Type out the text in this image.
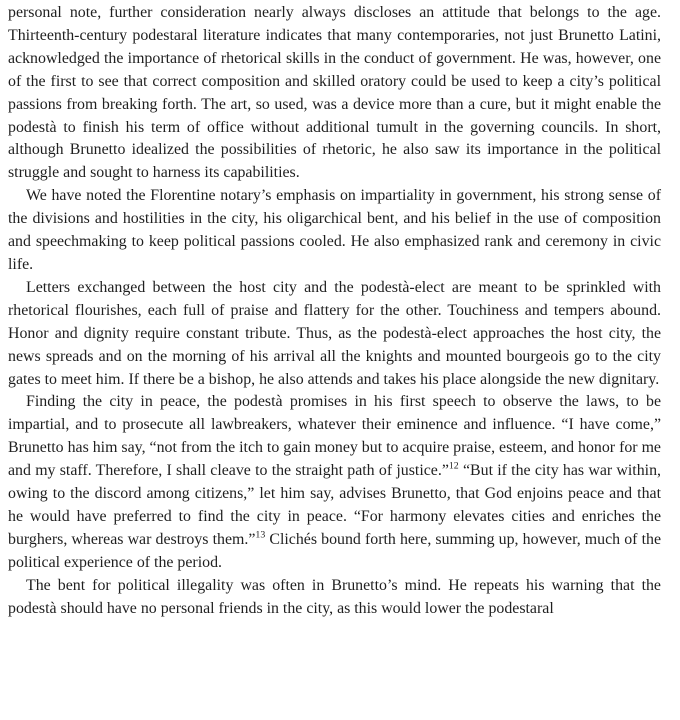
personal note, further consideration nearly always discloses an attitude that belongs to the age. Thirteenth-century podestaral literature indicates that many contemporaries, not just Brunetto Latini, acknowledged the importance of rhetorical skills in the conduct of government. He was, however, one of the first to see that correct composition and skilled oratory could be used to keep a city’s political passions from breaking forth. The art, so used, was a device more than a cure, but it might enable the podestà to finish his term of office without additional tumult in the governing councils. In short, although Brunetto idealized the possibilities of rhetoric, he also saw its importance in the political struggle and sought to harness its capabilities.

We have noted the Florentine notary’s emphasis on impartiality in government, his strong sense of the divisions and hostilities in the city, his oligarchical bent, and his belief in the use of composition and speechmaking to keep political passions cooled. He also emphasized rank and ceremony in civic life.

Letters exchanged between the host city and the podestà-elect are meant to be sprinkled with rhetorical flourishes, each full of praise and flattery for the other. Touchiness and tempers abound. Honor and dignity require constant tribute. Thus, as the podestà-elect approaches the host city, the news spreads and on the morning of his arrival all the knights and mounted bourgeois go to the city gates to meet him. If there be a bishop, he also attends and takes his place alongside the new dignitary.

Finding the city in peace, the podestà promises in his first speech to observe the laws, to be impartial, and to prosecute all lawbreakers, whatever their eminence and influence. “I have come,” Brunetto has him say, “not from the itch to gain money but to acquire praise, esteem, and honor for me and my staff. Therefore, I shall cleave to the straight path of justice.”$^{12}$ “But if the city has war within, owing to the discord among citizens,” let him say, advises Brunetto, that God enjoins peace and that he would have preferred to find the city in peace. “For harmony elevates cities and enriches the burghers, whereas war destroys them.”$^{13}$ Clichés bound forth here, summing up, however, much of the political experience of the period.

The bent for political illegality was often in Brunetto’s mind. He repeats his warning that the podestà should have no personal friends in the city, as this would lower the podestaral
